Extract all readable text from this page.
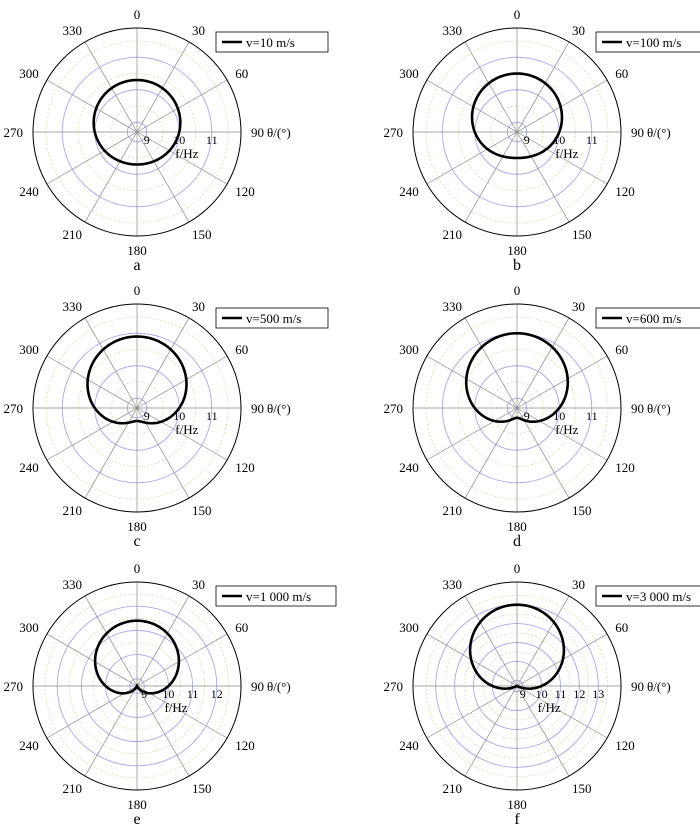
0
30
60
90
120
150
180
210
240
270
300
330
θ/(°)
9 10 11
f/Hz
v=10 m/s
a
0
30
60
90
120
150
180
210
240
270
300
330
θ/(°)
9 10 11
f/Hz
v=100 m/s
b
0
30
60
90
120
150
180
210
240
270
300
330
θ/(°)
9 10 11
f/Hz
v=500 m/s
c
0
30
60
90
120
150
180
210
240
270
300
330
θ/(°)
9 10 11
f/Hz
v=600 m/s
d
0
30
60
90
120
150
180
210
240
270
300
330
θ/(°)
9 10 11 12
f/Hz
v=1 000 m/s
e
0
30
60
90
120
150
180
210
240
270
300
330
θ/(°)
9 10 11 12 13
f/Hz
v=3 000 m/s
f
